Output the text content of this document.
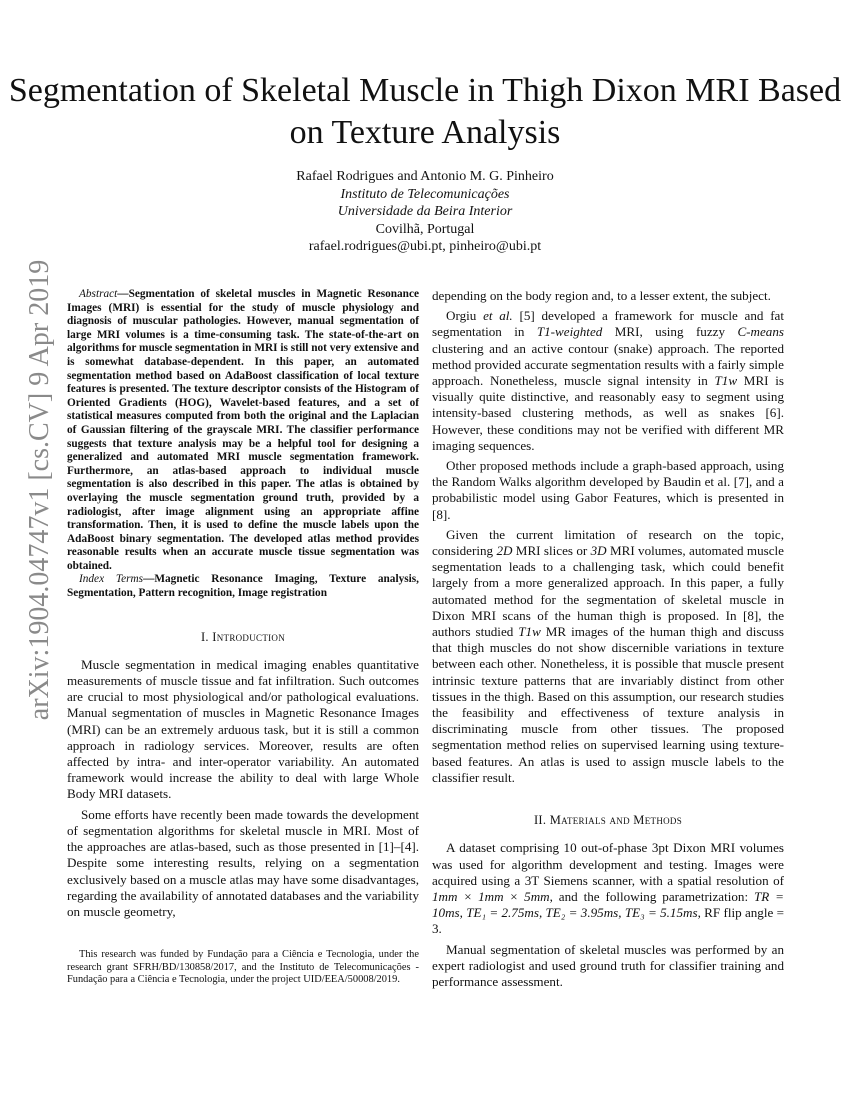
Segmentation of Skeletal Muscle in Thigh Dixon MRI Based on Texture Analysis
Rafael Rodrigues and Antonio M. G. Pinheiro
Instituto de Telecomunicações
Universidade da Beira Interior
Covilhã, Portugal
rafael.rodrigues@ubi.pt, pinheiro@ubi.pt
arXiv:1904.04747v1 [cs.CV] 9 Apr 2019	Abstract—Segmentation of skeletal muscles in Magnetic Resonance Images (MRI) is essential for the study of muscle physiology and diagnosis of muscular pathologies. However, manual segmentation of large MRI volumes is a time-consuming task. The state-of-the-art on algorithms for muscle segmentation in MRI is still not very extensive and is somewhat database-dependent. In this paper, an automated segmentation method based on AdaBoost classification of local texture features is presented. The texture descriptor consists of the Histogram of Oriented Gradients (HOG), Wavelet-based features, and a set of statistical measures computed from both the original and the Laplacian of Gaussian filtering of the grayscale MRI. The classifier performance suggests that texture analysis may be a helpful tool for designing a generalized and automated MRI muscle segmentation framework. Furthermore, an atlas-based approach to individual muscle segmentation is also described in this paper. The atlas is obtained by overlaying the muscle segmentation ground truth, provided by a radiologist, after image alignment using an appropriate affine transformation. Then, it is used to define the muscle labels upon the AdaBoost binary segmentation. The developed atlas method provides reasonable results when an accurate muscle tissue segmentation was obtained.

Index Terms—Magnetic Resonance Imaging, Texture analysis, Segmentation, Pattern recognition, Image registration

I. Introduction

Muscle segmentation in medical imaging enables quantitative measurements of muscle tissue and fat infiltration. Such outcomes are crucial to most physiological and/or pathological evaluations. Manual segmentation of muscles in Magnetic Resonance Images (MRI) can be an extremely arduous task, but it is still a common approach in radiology services. Moreover, results are often affected by intra- and inter-operator variability. An automated framework would increase the ability to deal with large Whole Body MRI datasets.

Some efforts have recently been made towards the development of segmentation algorithms for skeletal muscle in MRI. Most of the approaches are atlas-based, such as those presented in [1]–[4]. Despite some interesting results, relying on a segmentation exclusively based on a muscle atlas may have some disadvantages, regarding the availability of annotated databases and the variability on muscle geometry,

This research was funded by Fundação para a Ciência e Tecnologia, under the research grant SFRH/BD/130858/2017, and the Instituto de Telecomunicações - Fundação para a Ciência e Tecnologia, under the project UID/EEA/50008/2019.

depending on the body region and, to a lesser extent, the subject.

Orgiu et al. [5] developed a framework for muscle and fat segmentation in T1-weighted MRI, using fuzzy C-means clustering and an active contour (snake) approach. The reported method provided accurate segmentation results with a fairly simple approach. Nonetheless, muscle signal intensity in T1w MRI is visually quite distinctive, and reasonably easy to segment using intensity-based clustering methods, as well as snakes [6]. However, these conditions may not be verified with different MR imaging sequences.

Other proposed methods include a graph-based approach, using the Random Walks algorithm developed by Baudin et al. [7], and a probabilistic model using Gabor Features, which is presented in [8].

Given the current limitation of research on the topic, considering 2D MRI slices or 3D MRI volumes, automated muscle segmentation leads to a challenging task, which could benefit largely from a more generalized approach. In this paper, a fully automated method for the segmentation of skeletal muscle in Dixon MRI scans of the human thigh is proposed. In [8], the authors studied T1w MR images of the human thigh and discuss that thigh muscles do not show discernible variations in texture between each other. Nonetheless, it is possible that muscle present intrinsic texture patterns that are invariably distinct from other tissues in the thigh. Based on this assumption, our research studies the feasibility and effectiveness of texture analysis in discriminating muscle from other tissues. The proposed segmentation method relies on supervised learning using texture-based features. An atlas is used to assign muscle labels to the classifier result.

II. Materials and Methods

A dataset comprising 10 out-of-phase 3pt Dixon MRI volumes was used for algorithm development and testing. Images were acquired using a 3T Siemens scanner, with a spatial resolution of 1mm × 1mm × 5mm, and the following parametrization: TR = 10ms, TE₁ = 2.75ms, TE₂ = 3.95ms, TE₃ = 5.15ms, RF flip angle = 3.

Manual segmentation of skeletal muscles was performed by an expert radiologist and used ground truth for classifier training and performance assessment.
